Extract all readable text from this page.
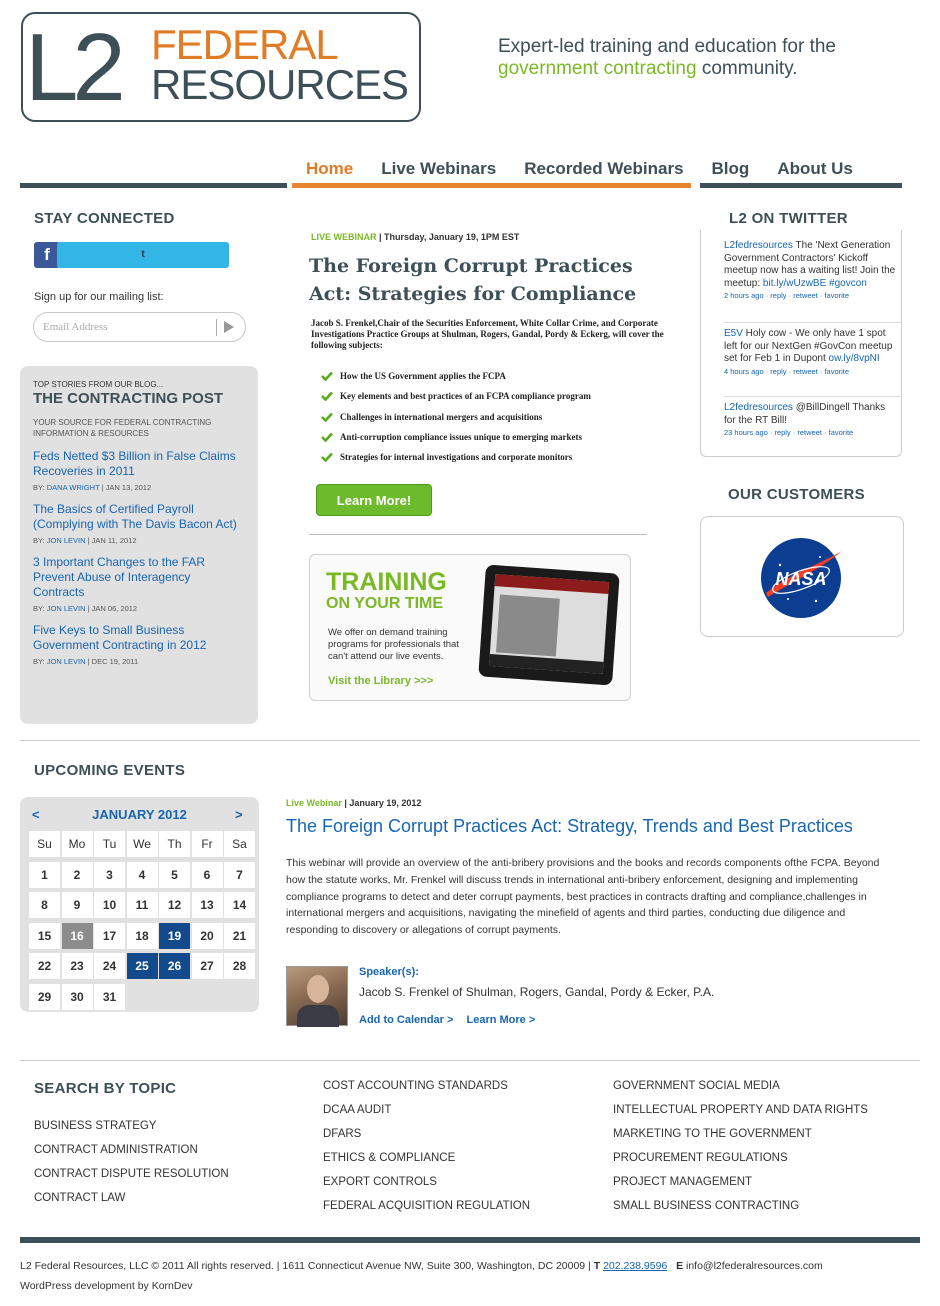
L2 FEDERAL
RESOURCES
Expert-led training and education for the
government contracting community.
Home	Live Webinars	Recorded Webinars	Blog	About Us
STAY CONNECTED
f	t
Sign up for our mailing list:
Email Address
TOP STORIES FROM OUR BLOG...
THE CONTRACTING POST
YOUR SOURCE FOR FEDERAL CONTRACTING INFORMATION & RESOURCES
Feds Netted $3 Billion in False Claims Recoveries in 2011
BY: DANA WRIGHT | JAN 13, 2012
The Basics of Certified Payroll (Complying with The Davis Bacon Act)
BY: JON LEVIN | JAN 11, 2012
3 Important Changes to the FAR Prevent Abuse of Interagency Contracts
BY: JON LEVIN | JAN 06, 2012
Five Keys to Small Business Government Contracting in 2012
BY: JON LEVIN | DEC 19, 2011
LIVE WEBINAR | Thursday, January 19, 1PM EST
The Foreign Corrupt Practices Act: Strategies for Compliance
Jacob S. Frenkel,Chair of the Securities Enforcement, White Collar Crime, and Corporate Investigations Practice Groups at Shulman, Rogers, Gandal, Pordy & Eckerg, will cover the following subjects:
How the US Government applies the FCPA
Key elements and best practices of an FCPA compliance program
Challenges in international mergers and acquisitions
Anti-corruption compliance issues unique to emerging markets
Strategies for internal investigations and corporate monitors
Learn More!
TRAINING
ON YOUR TIME
We offer on demand training programs for professionals that can't attend our live events.
Visit the Library >>>
L2 ON TWITTER
L2fedresources The 'Next Generation Government Contractors' Kickoff meetup now has a waiting list! Join the meetup: bit.ly/wUzwBE #govcon
2 hours ago · reply · retweet · favorite
E5V Holy cow - We only have 1 spot left for our NextGen #GovCon meetup set for Feb 1 in Dupont ow.ly/8vpNI
4 hours ago · reply · retweet · favorite
L2fedresources @BillDingell Thanks for the RT Bill!
23 hours ago · reply · retweet · favorite
OUR CUSTOMERS
NASA
UPCOMING EVENTS
JANUARY 2012
<	>
Su	Mo	Tu	We	Th	Fr	Sa
1	2	3	4	5	6	7
8	9	10	11	12	13	14
15	16	17	18	19	20	21
22	23	24	25	26	27	28
29	30	31
Live Webinar | January 19, 2012
The Foreign Corrupt Practices Act: Strategy, Trends and Best Practices
This webinar will provide an overview of the anti-bribery provisions and the books and records components ofthe FCPA. Beyond how the statute works, Mr. Frenkel will discuss trends in international anti-bribery enforcement, designing and implementing compliance programs to detect and deter corrupt payments, best practices in contracts drafting and compliance,challenges in international mergers and acquisitions, navigating the minefield of agents and third parties, conducting due diligence and responding to discovery or allegations of corrupt payments.
Speaker(s):
Jacob S. Frenkel of Shulman, Rogers, Gandal, Pordy & Ecker, P.A.
Add to Calendar > Learn More >
SEARCH BY TOPIC
BUSINESS STRATEGY
CONTRACT ADMINISTRATION
CONTRACT DISPUTE RESOLUTION
CONTRACT LAW
COST ACCOUNTING STANDARDS
DCAA AUDIT
DFARS
ETHICS & COMPLIANCE
EXPORT CONTROLS
FEDERAL ACQUISITION REGULATION
GOVERNMENT SOCIAL MEDIA
INTELLECTUAL PROPERTY AND DATA RIGHTS
MARKETING TO THE GOVERNMENT
PROCUREMENT REGULATIONS
PROJECT MANAGEMENT
SMALL BUSINESS CONTRACTING
L2 Federal Resources, LLC © 2011 All rights reserved. | 1611 Connecticut Avenue NW, Suite 300, Washington, DC 20009 | T 202.238.9596 E info@l2federalresources.com
WordPress development by KornDev
